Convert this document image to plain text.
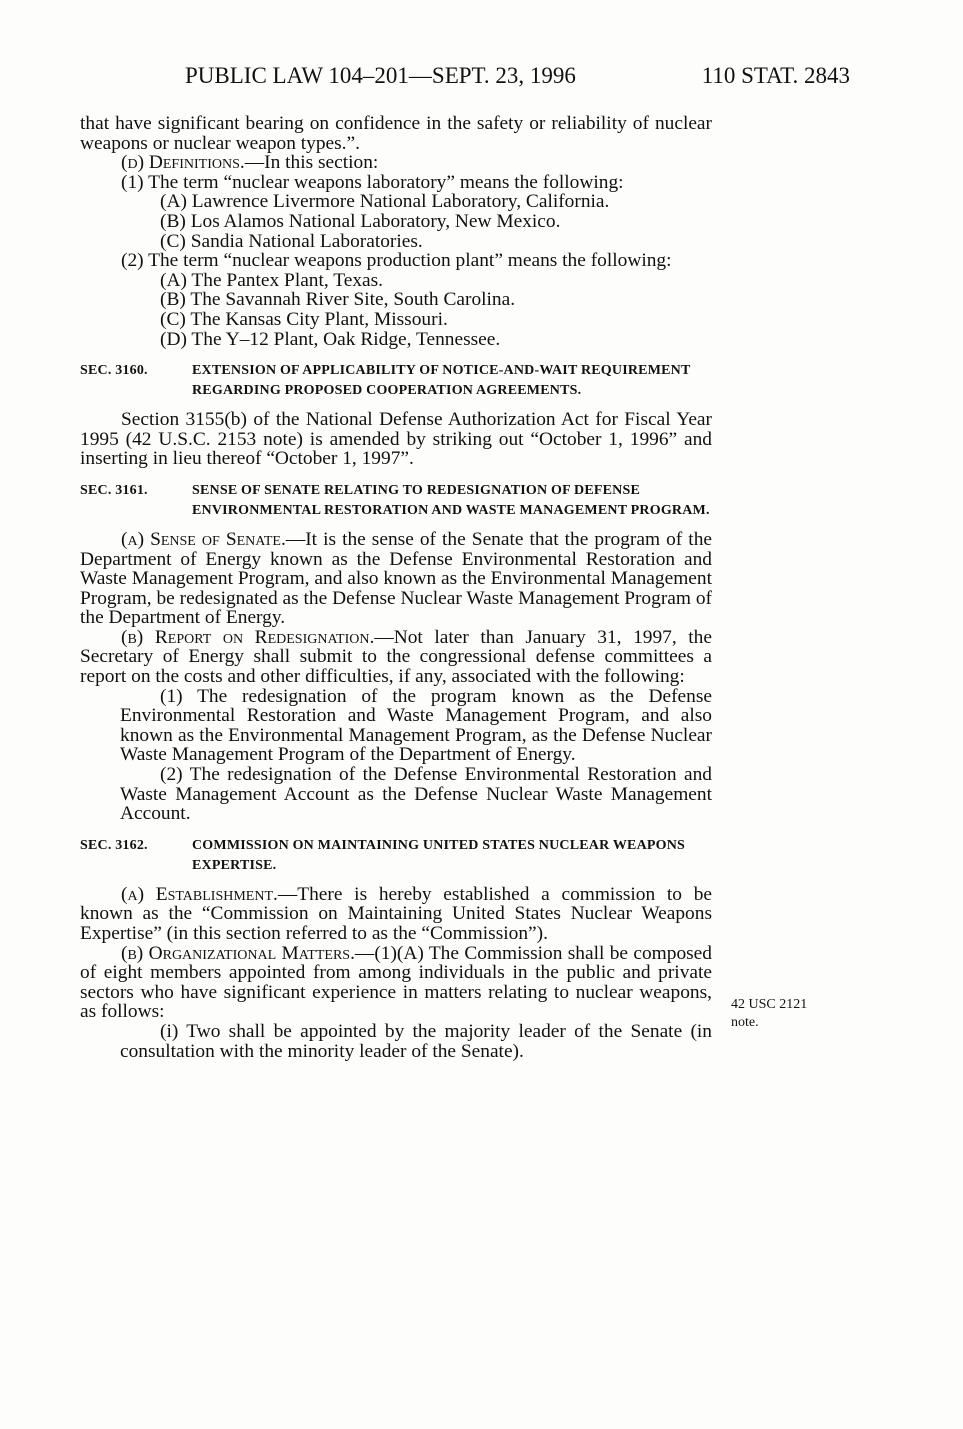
PUBLIC LAW 104–201—SEPT. 23, 1996	110 STAT. 2843
42 USC 2121
note.

that have significant bearing on confidence in the safety or reliability of nuclear weapons or nuclear weapon types.”.

(d) Definitions.—In this section:

(1) The term “nuclear weapons laboratory” means the following:

(A) Lawrence Livermore National Laboratory, California.

(B) Los Alamos National Laboratory, New Mexico.

(C) Sandia National Laboratories.

(2) The term “nuclear weapons production plant” means the following:

(A) The Pantex Plant, Texas.

(B) The Savannah River Site, South Carolina.

(C) The Kansas City Plant, Missouri.

(D) The Y–12 Plant, Oak Ridge, Tennessee.

SEC. 3160.	EXTENSION OF APPLICABILITY OF NOTICE-AND-WAIT REQUIREMENT REGARDING PROPOSED COOPERATION AGREEMENTS.

Section 3155(b) of the National Defense Authorization Act for Fiscal Year 1995 (42 U.S.C. 2153 note) is amended by striking out “October 1, 1996” and inserting in lieu thereof “October 1, 1997”.

SEC. 3161.	SENSE OF SENATE RELATING TO REDESIGNATION OF DEFENSE ENVIRONMENTAL RESTORATION AND WASTE MANAGEMENT PROGRAM.

(a) Sense of Senate.—It is the sense of the Senate that the program of the Department of Energy known as the Defense Environmental Restoration and Waste Management Program, and also known as the Environmental Management Program, be redesignated as the Defense Nuclear Waste Management Program of the Department of Energy.

(b) Report on Redesignation.—Not later than January 31, 1997, the Secretary of Energy shall submit to the congressional defense committees a report on the costs and other difficulties, if any, associated with the following:

(1) The redesignation of the program known as the Defense Environmental Restoration and Waste Management Program, and also known as the Environmental Management Program, as the Defense Nuclear Waste Management Program of the Department of Energy.

(2) The redesignation of the Defense Environmental Restoration and Waste Management Account as the Defense Nuclear Waste Management Account.

SEC. 3162.	COMMISSION ON MAINTAINING UNITED STATES NUCLEAR WEAPONS EXPERTISE.

(a) Establishment.—There is hereby established a commission to be known as the “Commission on Maintaining United States Nuclear Weapons Expertise” (in this section referred to as the “Commission”).

(b) Organizational Matters.—(1)(A) The Commission shall be composed of eight members appointed from among individuals in the public and private sectors who have significant experience in matters relating to nuclear weapons, as follows:

(i) Two shall be appointed by the majority leader of the Senate (in consultation with the minority leader of the Senate).
